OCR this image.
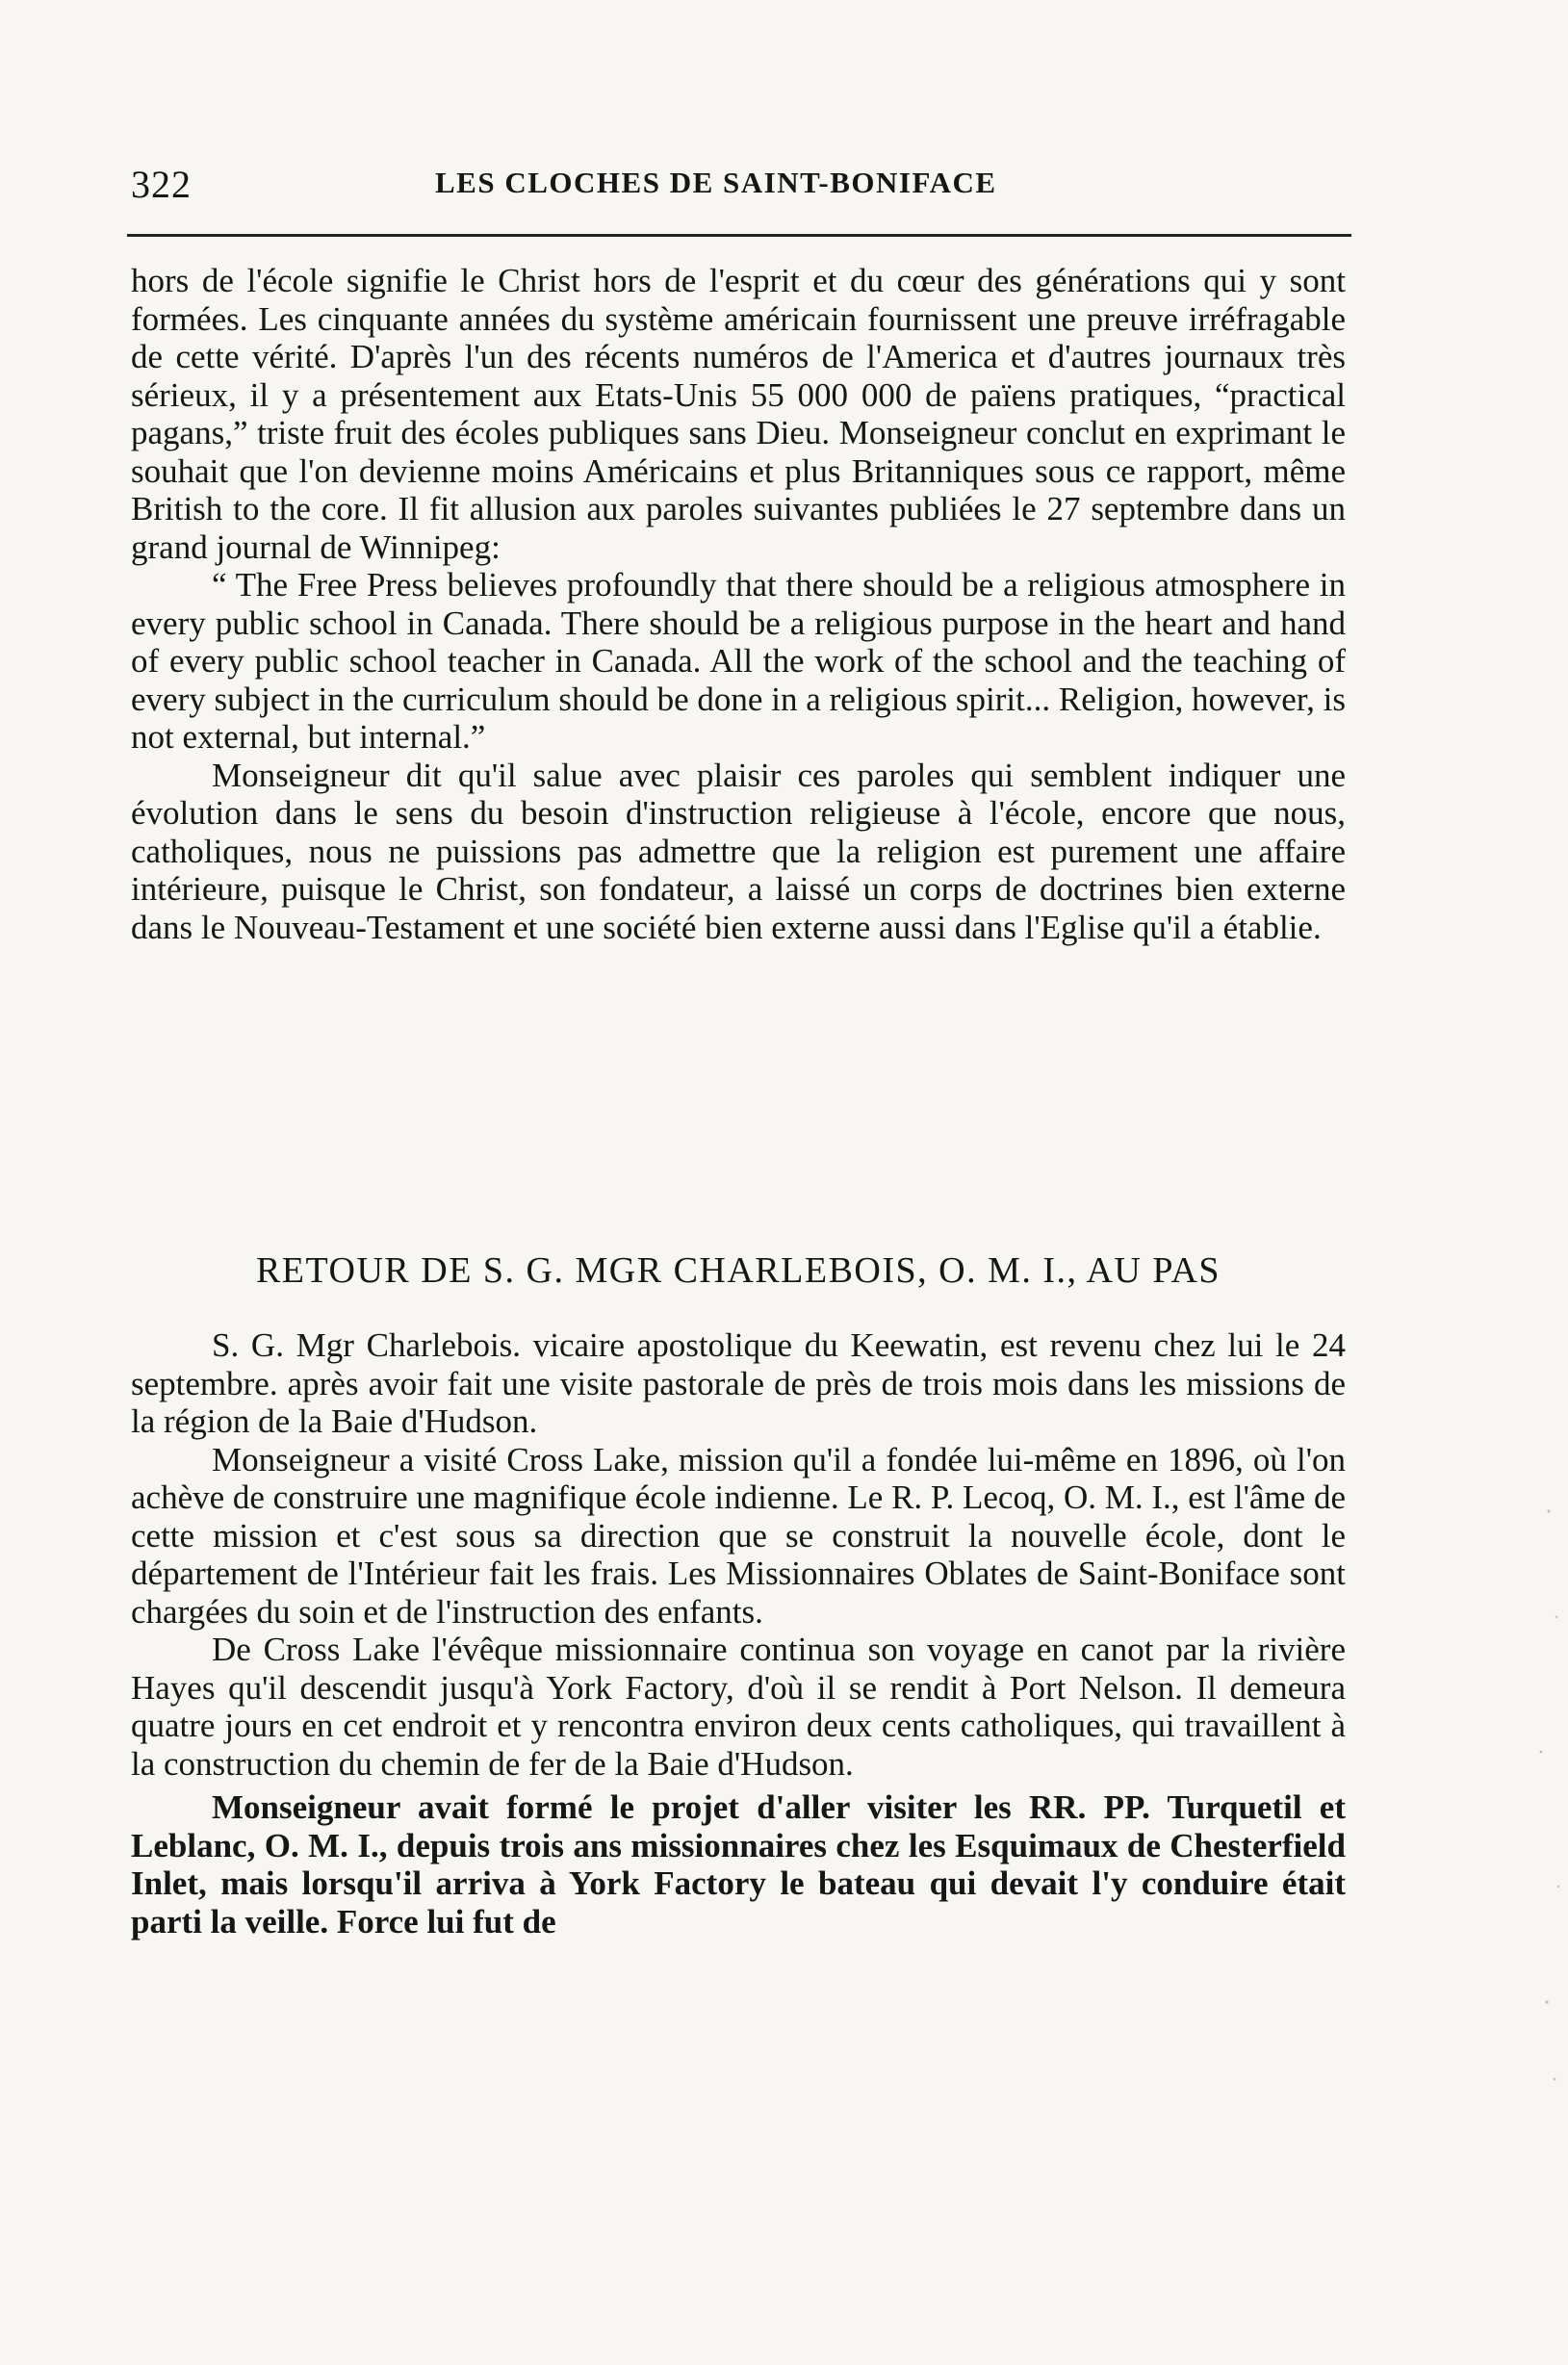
322	LES CLOCHES DE SAINT-BONIFACE

hors de l'école signifie le Christ hors de l'esprit et du cœur des générations qui y sont formées. Les cinquante années du système américain fournissent une preuve irréfragable de cette vérité. D'après l'un des récents numéros de l'America et d'autres journaux très sérieux, il y a présentement aux Etats-Unis 55 000 000 de païens pratiques, “practical pagans,” triste fruit des écoles publiques sans Dieu. Monseigneur conclut en exprimant le souhait que l'on devienne moins Américains et plus Britanniques sous ce rapport, même British to the core. Il fit allusion aux paroles suivantes publiées le 27 septembre dans un grand journal de Winnipeg:

“ The Free Press believes profoundly that there should be a religious atmosphere in every public school in Canada. There should be a religious purpose in the heart and hand of every public school teacher in Canada. All the work of the school and the teaching of every subject in the curriculum should be done in a religious spirit... Religion, however, is not external, but internal.”

Monseigneur dit qu'il salue avec plaisir ces paroles qui semblent indiquer une évolution dans le sens du besoin d'instruction religieuse à l'école, encore que nous, catholiques, nous ne puissions pas admettre que la religion est purement une affaire intérieure, puisque le Christ, son fondateur, a laissé un corps de doctrines bien externe dans le Nouveau-Testament et une société bien externe aussi dans l'Eglise qu'il a établie.

RETOUR DE S. G. MGR CHARLEBOIS, O. M. I., AU PAS

S. G. Mgr Charlebois. vicaire apostolique du Keewatin, est revenu chez lui le 24 septembre. après avoir fait une visite pastorale de près de trois mois dans les missions de la région de la Baie d'Hudson.

Monseigneur a visité Cross Lake, mission qu'il a fondée lui-même en 1896, où l'on achève de construire une magnifique école indienne. Le R. P. Lecoq, O. M. I., est l'âme de cette mission et c'est sous sa direction que se construit la nouvelle école, dont le département de l'Intérieur fait les frais. Les Missionnaires Oblates de Saint-Boniface sont chargées du soin et de l'instruction des enfants.

De Cross Lake l'évêque missionnaire continua son voyage en canot par la rivière Hayes qu'il descendit jusqu'à York Factory, d'où il se rendit à Port Nelson. Il demeura quatre jours en cet endroit et y rencontra environ deux cents catholiques, qui travaillent à la construction du chemin de fer de la Baie d'Hudson.

Monseigneur avait formé le projet d'aller visiter les RR. PP. Turquetil et Leblanc, O. M. I., depuis trois ans missionnaires chez les Esquimaux de Chesterfield Inlet, mais lorsqu'il arriva à York Factory le bateau qui devait l'y conduire était parti la veille. Force lui fut de
